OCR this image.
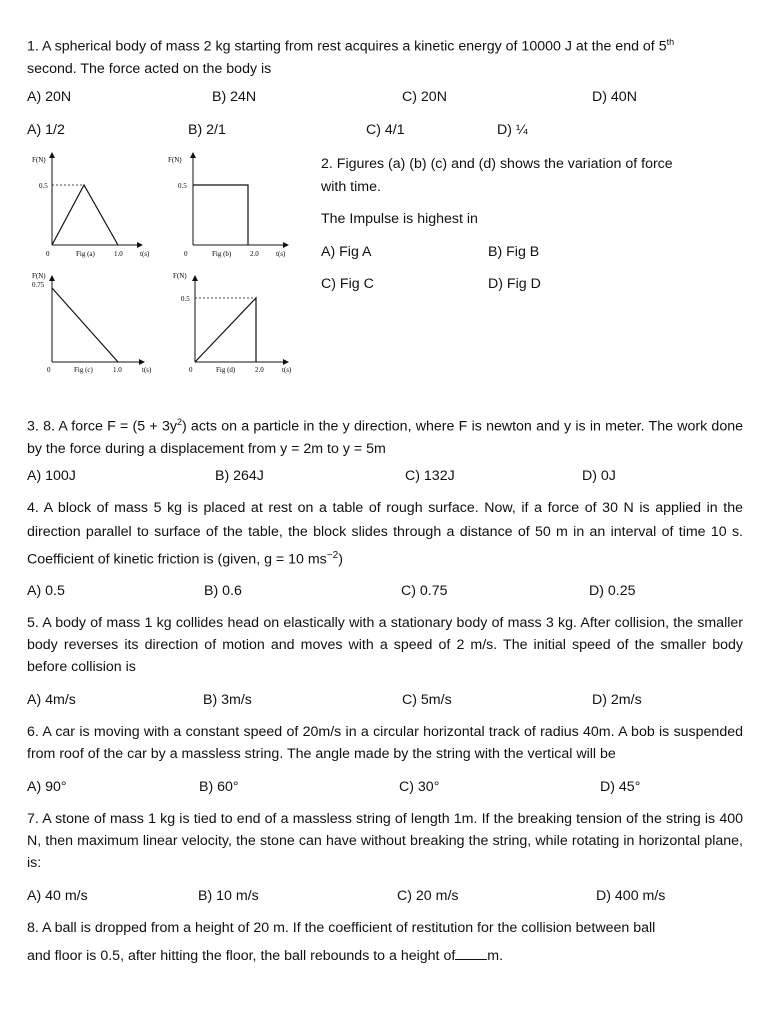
1. A spherical body of mass 2 kg starting from rest acquires a kinetic energy of 10000 J at the end of 5th
second. The force acted on the body is
A) 20N	B) 24N	C) 20N	D) 40N
A) 1/2	B) 2/1	C) 4/1	D) ¼
F(N)
0.5
0	Fig (a)	1.0 t(s)
F(N)
0.5
0	Fig (b)	2.0 t(s)
F(N)
0.75
0	Fig (c)	1.0	t(s)
F(N)
0.5
0	Fig (d)	2.0	t(s)
2. Figures (a) (b) (c) and (d) shows the variation of force
with time.
The Impulse is highest in
A) Fig A	B) Fig B
C) Fig C	D) Fig D
3. 8. A force $F = (5 + 3y^2)$ acts on a particle in the y direction, where F is newton and y is in meter. The work done by the force during a displacement from y = 2m to y = 5m
A) 100J	B) 264J	C) 132J	D) 0J
4. A block of mass 5 kg is placed at rest on a table of rough surface. Now, if a force of 30 N is applied in the direction parallel to surface of the table, the block slides through a distance of 50 m in an interval of time 10 s. Coefficient of kinetic friction is (given, g = 10 $ms^{-2}$)
A) 0.5	B) 0.6	C) 0.75	D) 0.25
5. A body of mass 1 kg collides head on elastically with a stationary body of mass 3 kg. After collision, the smaller body reverses its direction of motion and moves with a speed of 2 m/s. The initial speed of the smaller body before collision is
A) 4m/s	B) 3m/s	C) 5m/s	D) 2m/s
6. A car is moving with a constant speed of 20m/s in a circular horizontal track of radius 40m. A bob is suspended from roof of the car by a massless string. The angle made by the string with the vertical will be
A) 90°	B) 60°	C) 30°	D) 45°
7. A stone of mass 1 kg is tied to end of a massless string of length 1m. If the breaking tension of the string is 400 N, then maximum linear velocity, the stone can have without breaking the string, while rotating in horizontal plane, is:
A) 40 m/s	B) 10 m/s	C) 20 m/s	D) 400 m/s
8. A ball is dropped from a height of 20 m. If the coefficient of restitution for the collision between ball
and floor is 0.5, after hitting the floor, the ball rebounds to a height of m.
